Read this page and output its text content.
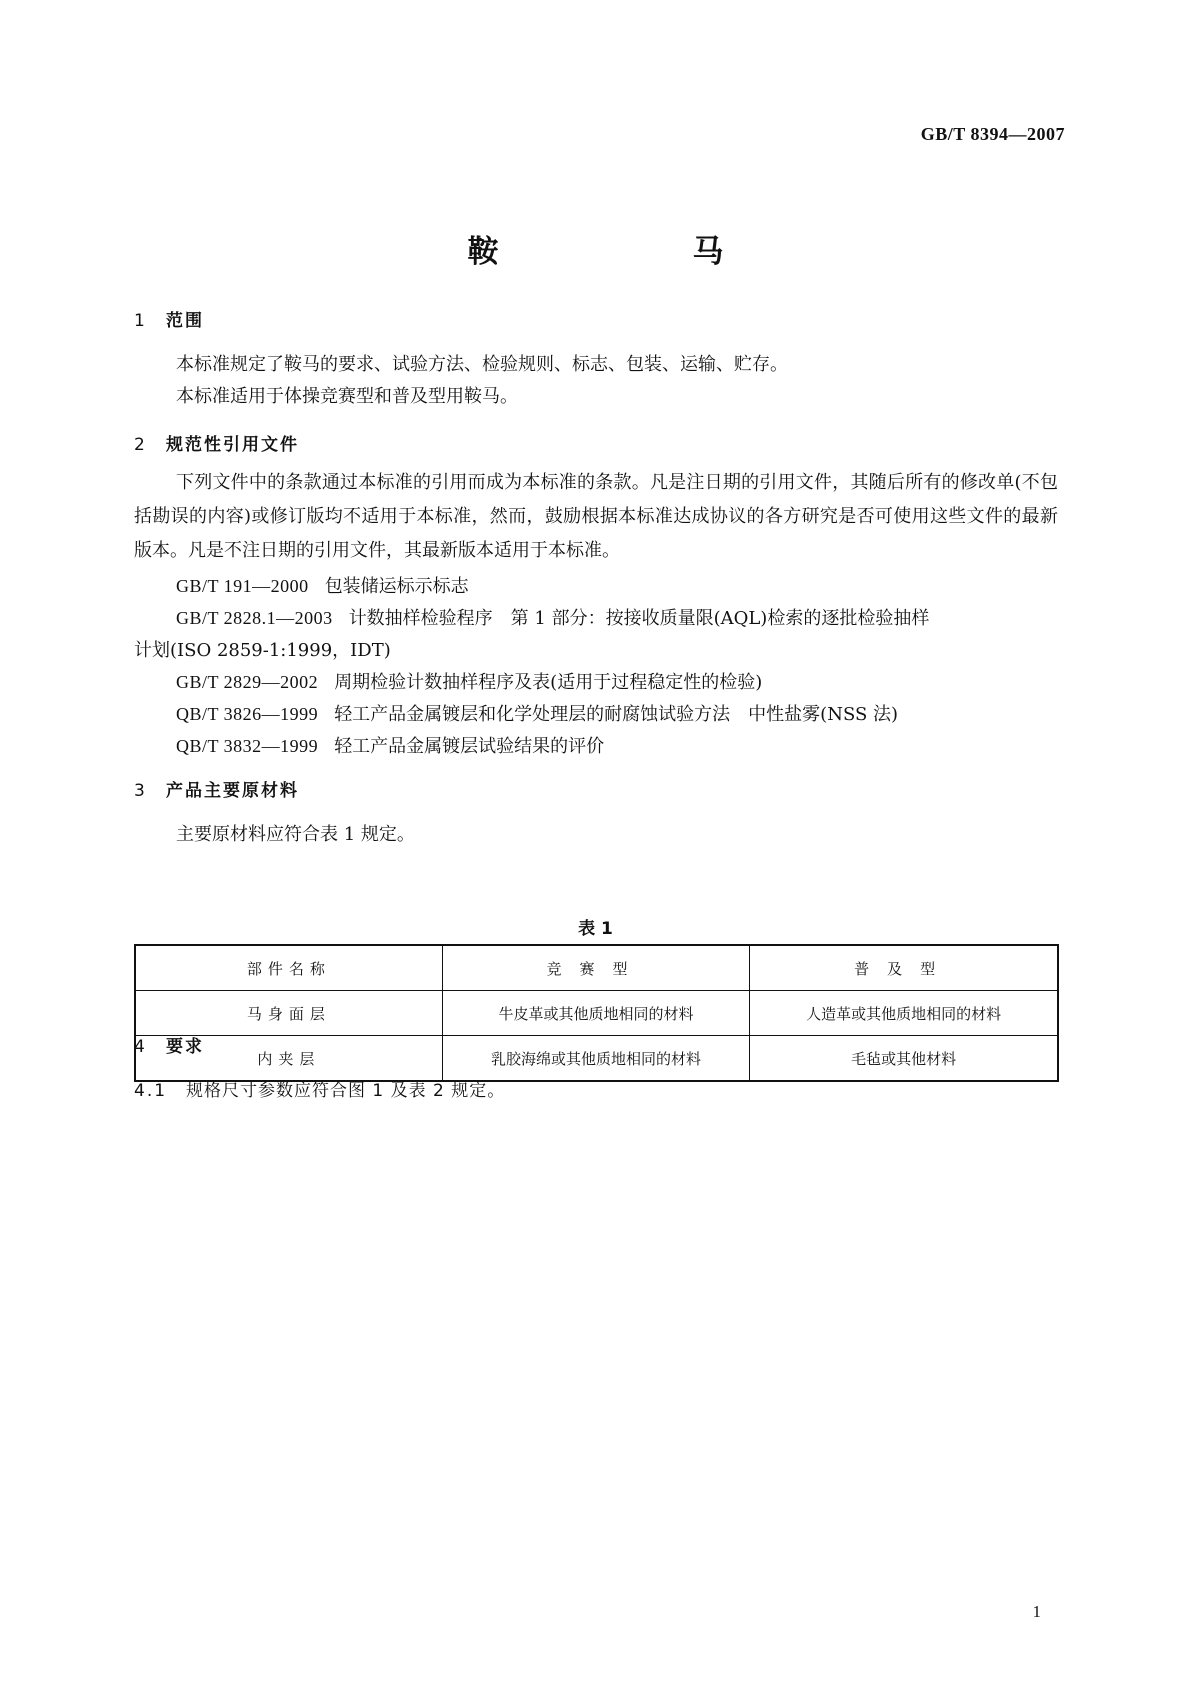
GB/T 8394—2007
鞍　　马
1 范围
本标准规定了鞍马的要求、试验方法、检验规则、标志、包装、运输、贮存。
本标准适用于体操竞赛型和普及型用鞍马。
2 规范性引用文件
下列文件中的条款通过本标准的引用而成为本标准的条款。凡是注日期的引用文件，其随后所有的修改单(不包括勘误的内容)或修订版均不适用于本标准，然而，鼓励根据本标准达成协议的各方研究是否可使用这些文件的最新版本。凡是不注日期的引用文件，其最新版本适用于本标准。
GB/T 191—2000 包装储运标示标志
GB/T 2828.1—2003 计数抽样检验程序　第 1 部分：按接收质量限(AQL)检索的逐批检验抽样
计划(ISO 2859-1:1999，IDT)
GB/T 2829—2002 周期检验计数抽样程序及表(适用于过程稳定性的检验)
QB/T 3826—1999 轻工产品金属镀层和化学处理层的耐腐蚀试验方法　中性盐雾(NSS 法)
QB/T 3832—1999 轻工产品金属镀层试验结果的评价
3 产品主要原材料
主要原材料应符合表 1 规定。
表 1
部件名称	竞赛型	普及型
马身面层	牛皮革或其他质地相同的材料	人造革或其他质地相同的材料
内夹层	乳胶海绵或其他质地相同的材料	毛毡或其他材料
4 要求
4.1 规格尺寸参数应符合图 1 及表 2 规定。
1
